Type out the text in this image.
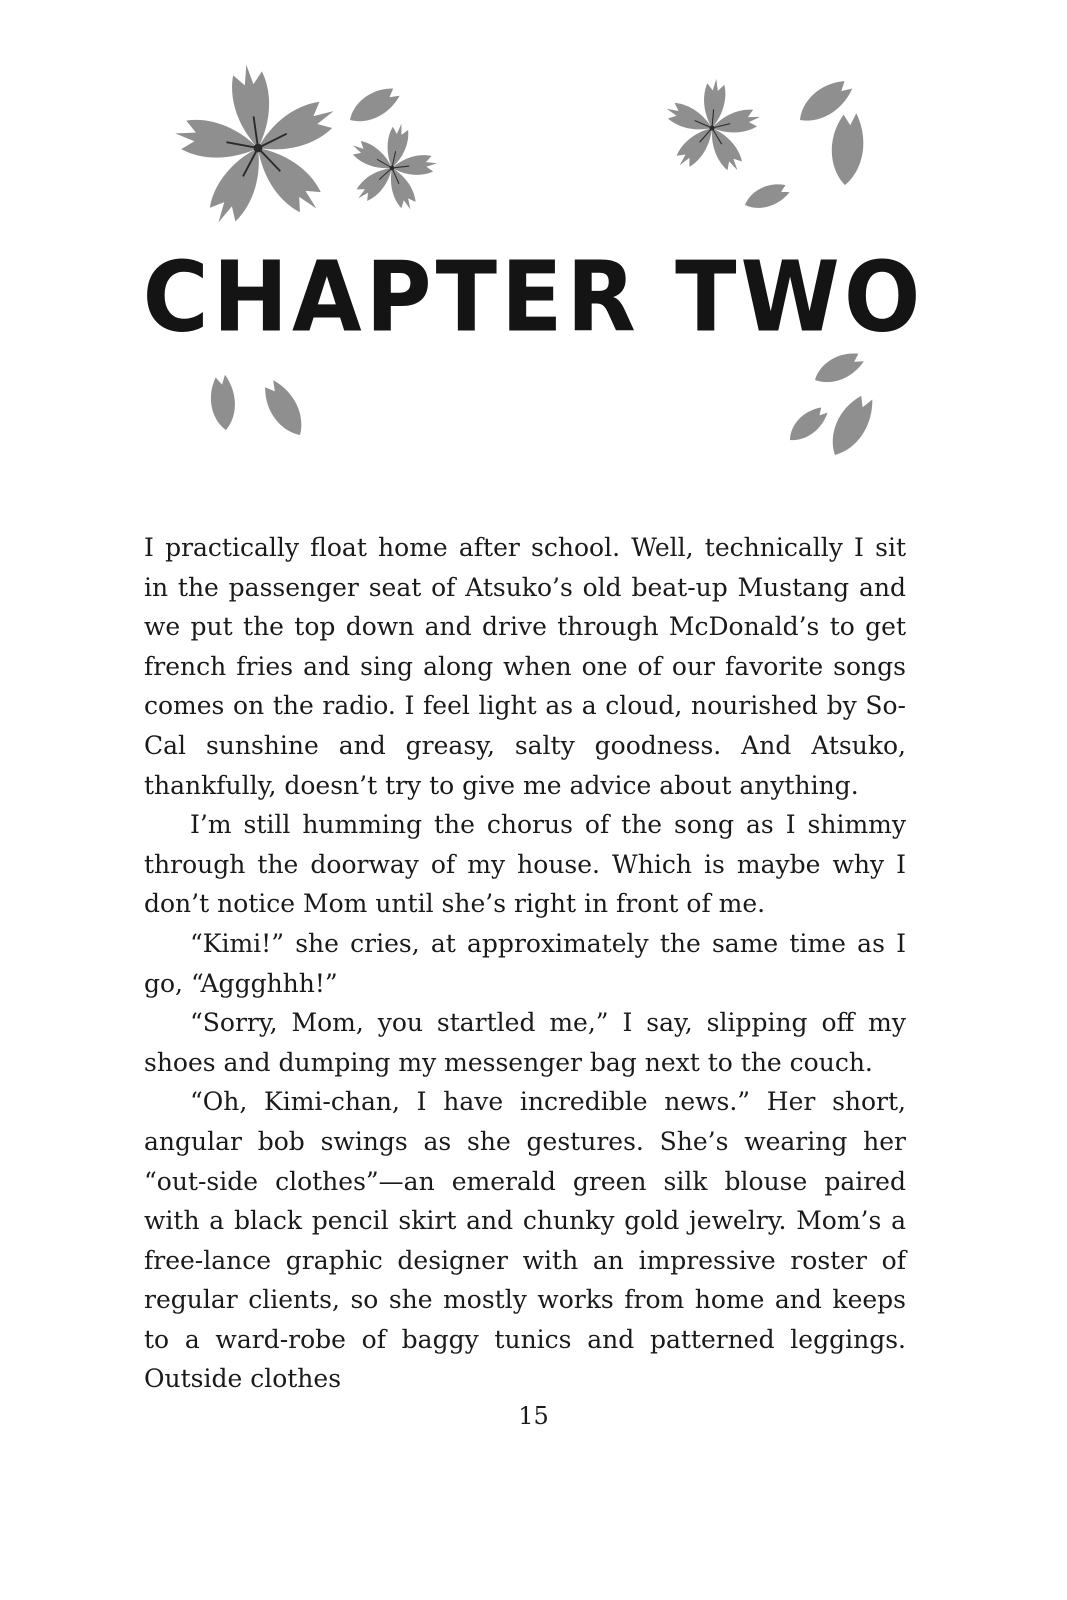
CHAPTER TWO

I practically float home after school. Well, technically I sit in the passenger seat of Atsuko’s old beat-up Mustang and we put the top down and drive through McDonald’s to get french fries and sing along when one of our favorite songs comes on the radio. I feel light as a cloud, nourished by So-Cal sunshine and greasy, salty goodness. And Atsuko, thankfully, doesn’t try to give me advice about anything.

I’m still humming the chorus of the song as I shimmy through the doorway of my house. Which is maybe why I don’t notice Mom until she’s right in front of me.

“Kimi!” she cries, at approximately the same time as I go, “Aggghhh!”

“Sorry, Mom, you startled me,” I say, slipping off my shoes and dumping my messenger bag next to the couch.

“Oh, Kimi-chan, I have incredible news.” Her short, angular bob swings as she gestures. She’s wearing her “out-side clothes”—an emerald green silk blouse paired with a black pencil skirt and chunky gold jewelry. Mom’s a free-lance graphic designer with an impressive roster of regular clients, so she mostly works from home and keeps to a ward-robe of baggy tunics and patterned leggings. Outside clothes

15
